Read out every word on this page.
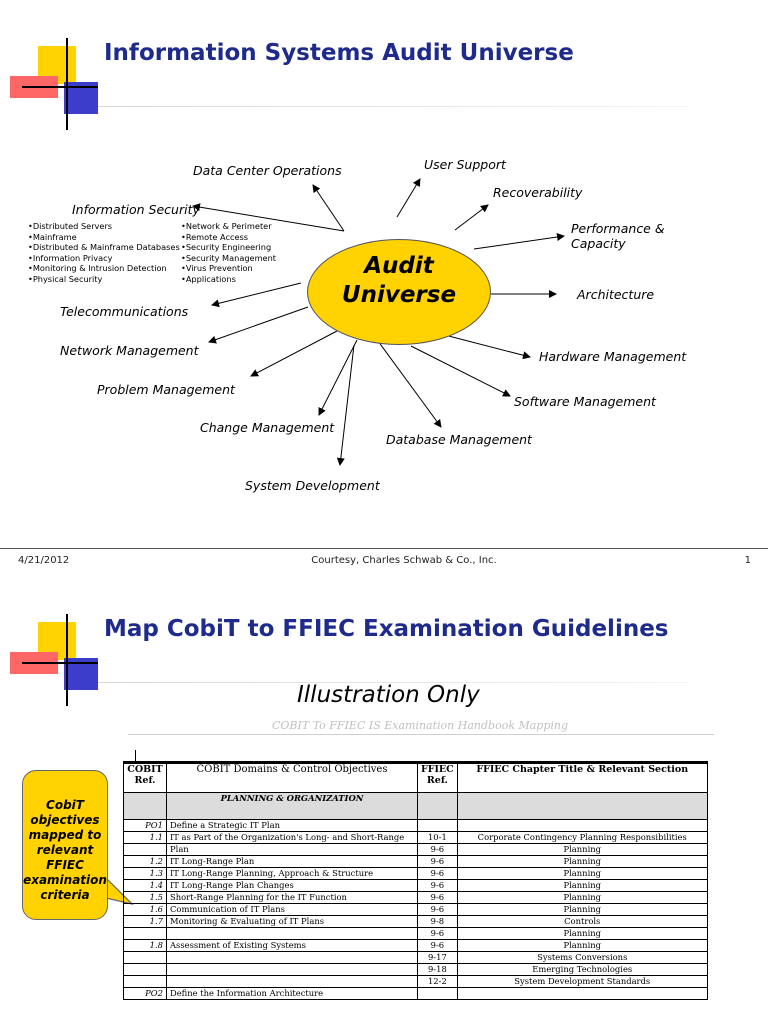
Information Systems Audit Universe
Audit
Universe
Data Center Operations	User Support
Recoverability
Performance &
Capacity
Architecture
Hardware Management
Software Management
Database Management
System Development
Change Management
Problem Management
Network Management
Telecommunications
Information Security
•Distributed Servers
•Mainframe
•Distributed & Mainframe Databases
•Information Privacy
•Monitoring & Intrusion Detection
•Physical Security
•Network & Perimeter
•Remote Access
•Security Engineering
•Security Management
•Virus Prevention
•Applications
4/21/2012	Courtesy, Charles Schwab & Co., Inc.	1
Map CobiT to FFIEC Examination Guidelines
Illustration Only
COBIT To FFIEC IS Examination Handbook Mapping
CobiT
objectives
mapped to
relevant
FFIEC
examination
criteria
COBIT Ref.	COBIT Domains & Control Objectives	FFIEC Ref.	FFIEC Chapter Title & Relevant Section
	PLANNING & ORGANIZATION		
PO1	Define a Strategic IT Plan		
1.1	IT as Part of the Organization's Long- and Short-Range	10-1	Corporate Contingency Planning Responsibilities
	Plan	9-6	Planning
1.2	IT Long-Range Plan	9-6	Planning
1.3	IT Long-Range Planning, Approach & Structure	9-6	Planning
1.4	IT Long-Range Plan Changes	9-6	Planning
1.5	Short-Range Planning for the IT Function	9-6	Planning
1.6	Communication of IT Plans	9-6	Planning
1.7	Monitoring & Evaluating of IT Plans	9-8	Controls
		9-6	Planning
1.8	Assessment of Existing Systems	9-6	Planning
		9-17	Systems Conversions
		9-18	Emerging Technologies
		12-2	System Development Standards
PO2	Define the Information Architecture		
